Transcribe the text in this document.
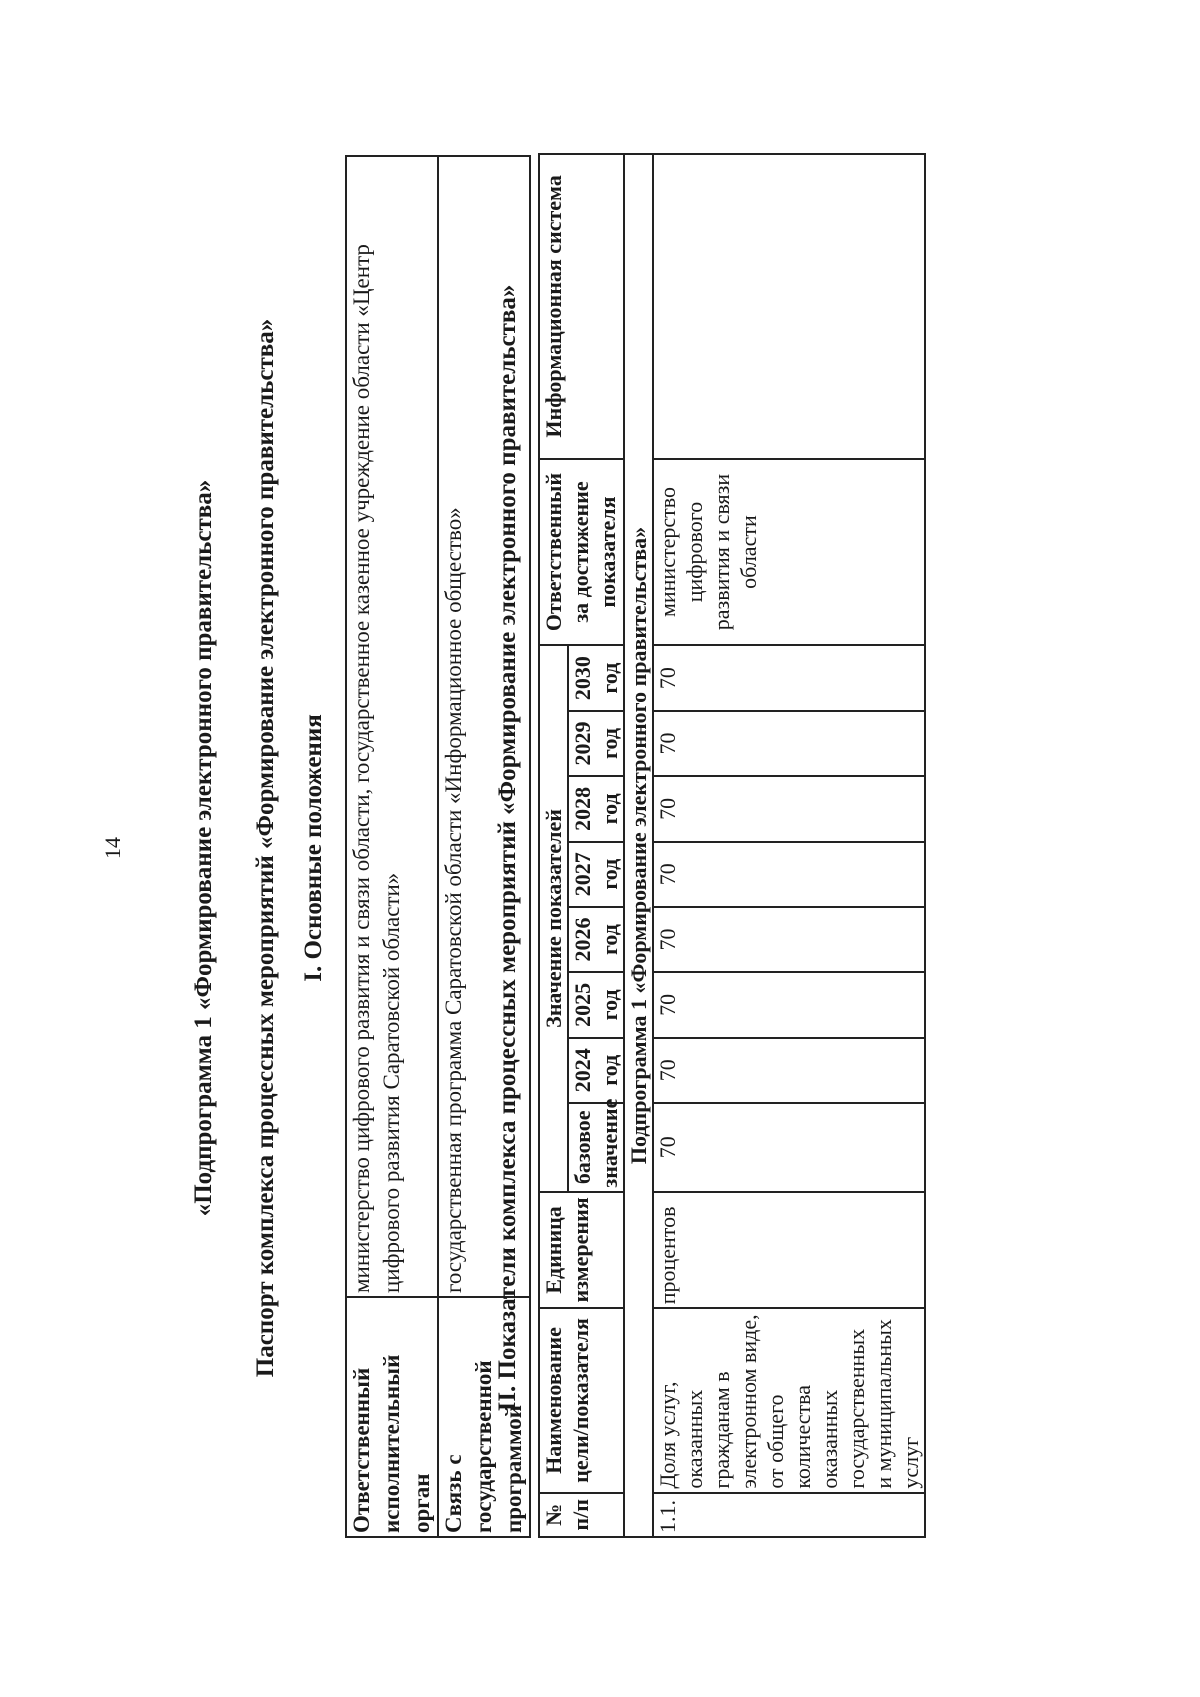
14	«Подпрограмма 1 «Формирование электронного правительства» Паспорт комплекса процессных мероприятий «Формирование электронного правительства» I. Основные положения
Ответственный исполнительный орган	министерство цифрового развития и связи области, государственное казенное учреждение области «Центр цифрового развития Саратовской области»
Связь с государственной программой	государственная программа Саратовской области «Информационное общество» II. Показатели комплекса процессных мероприятий «Формирование электронного правительства»
№ п/п	Наименование цели/показателя	Единица измерения	Значение показателей								Ответственный за достижение показателя	Информационная система
			базовое значение	2024 год	2025 год	2026 год	2027 год	2028 год	2029 год	2030 год		
Подпрограмма 1 «Формирование электронного правительства»												
1.1.	Доля услуг, оказанных гражданам в электронном виде, от общего количества оказанных государственных и муниципальных услуг	процентов	70	70	70	70	70	70	70	70	министерство цифрового развития и связи области	
